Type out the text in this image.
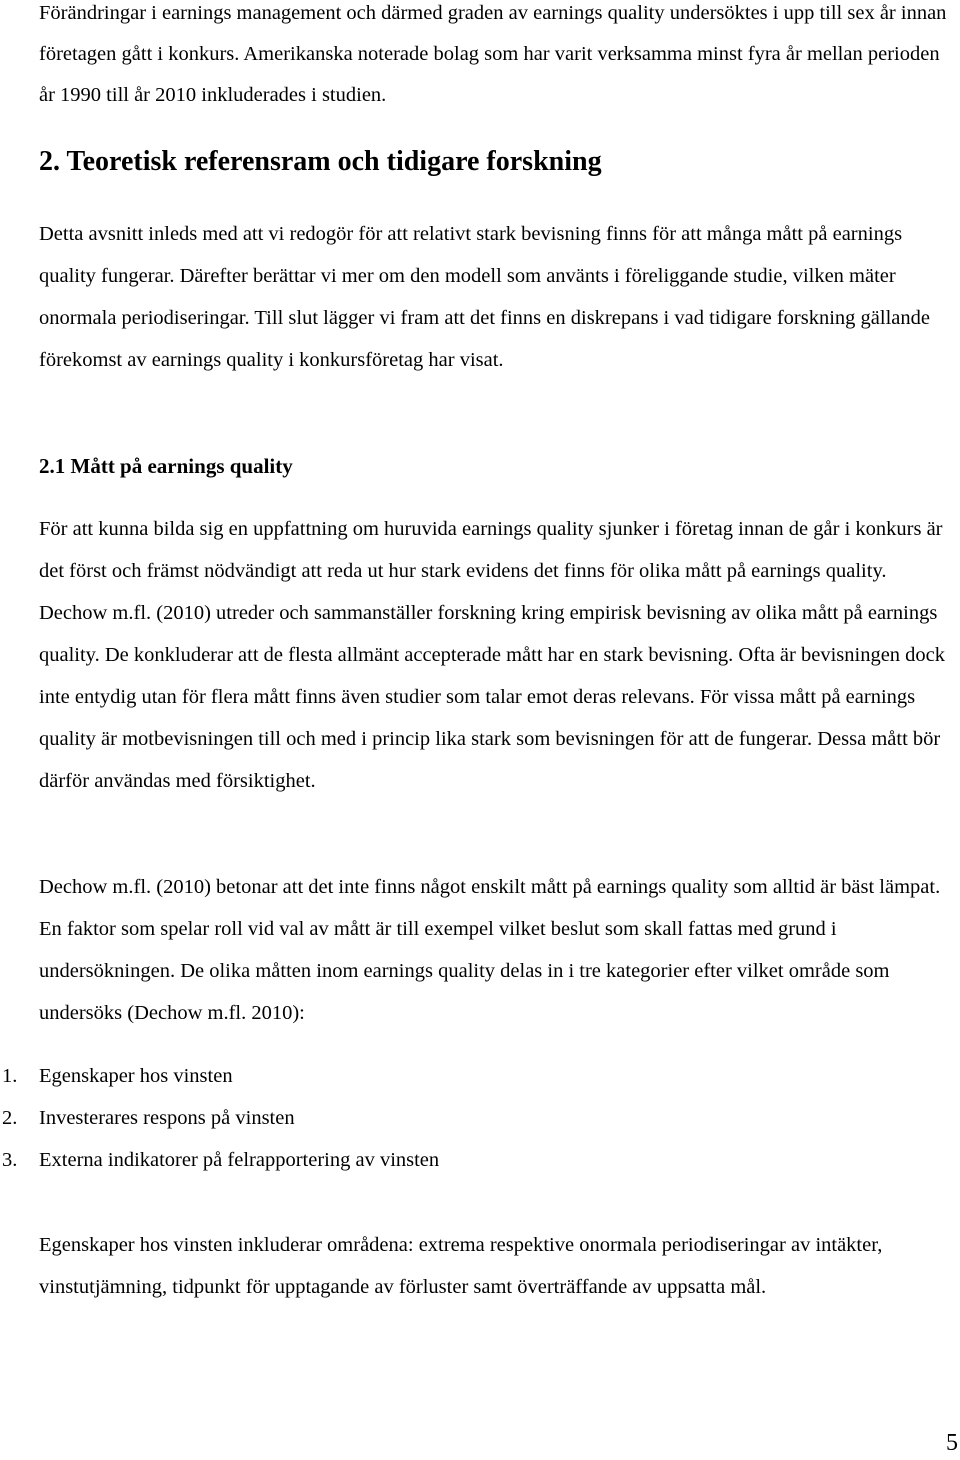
Förändringar i earnings management och därmed graden av earnings quality undersöktes i upp till sex år innan företagen gått i konkurs. Amerikanska noterade bolag som har varit verksamma minst fyra år mellan perioden år 1990 till år 2010 inkluderades i studien.

2. Teoretisk referensram och tidigare forskning

Detta avsnitt inleds med att vi redogör för att relativt stark bevisning finns för att många mått på earnings quality fungerar. Därefter berättar vi mer om den modell som använts i föreliggande studie, vilken mäter onormala periodiseringar. Till slut lägger vi fram att det finns en diskrepans i vad tidigare forskning gällande förekomst av earnings quality i konkursföretag har visat.

2.1 Mått på earnings quality

För att kunna bilda sig en uppfattning om huruvida earnings quality sjunker i företag innan de går i konkurs är det först och främst nödvändigt att reda ut hur stark evidens det finns för olika mått på earnings quality. Dechow m.fl. (2010) utreder och sammanställer forskning kring empirisk bevisning av olika mått på earnings quality. De konkluderar att de flesta allmänt accepterade mått har en stark bevisning. Ofta är bevisningen dock inte entydig utan för flera mått finns även studier som talar emot deras relevans. För vissa mått på earnings quality är motbevisningen till och med i princip lika stark som bevisningen för att de fungerar. Dessa mått bör därför användas med försiktighet.

Dechow m.fl. (2010) betonar att det inte finns något enskilt mått på earnings quality som alltid är bäst lämpat. En faktor som spelar roll vid val av mått är till exempel vilket beslut som skall fattas med grund i undersökningen. De olika måtten inom earnings quality delas in i tre kategorier efter vilket område som undersöks (Dechow m.fl. 2010):

1. Egenskaper hos vinsten
2. Investerares respons på vinsten
3. Externa indikatorer på felrapportering av vinsten

Egenskaper hos vinsten inkluderar områdena: extrema respektive onormala periodiseringar av intäkter, vinstutjämning, tidpunkt för upptagande av förluster samt överträffande av uppsatta mål.

5
